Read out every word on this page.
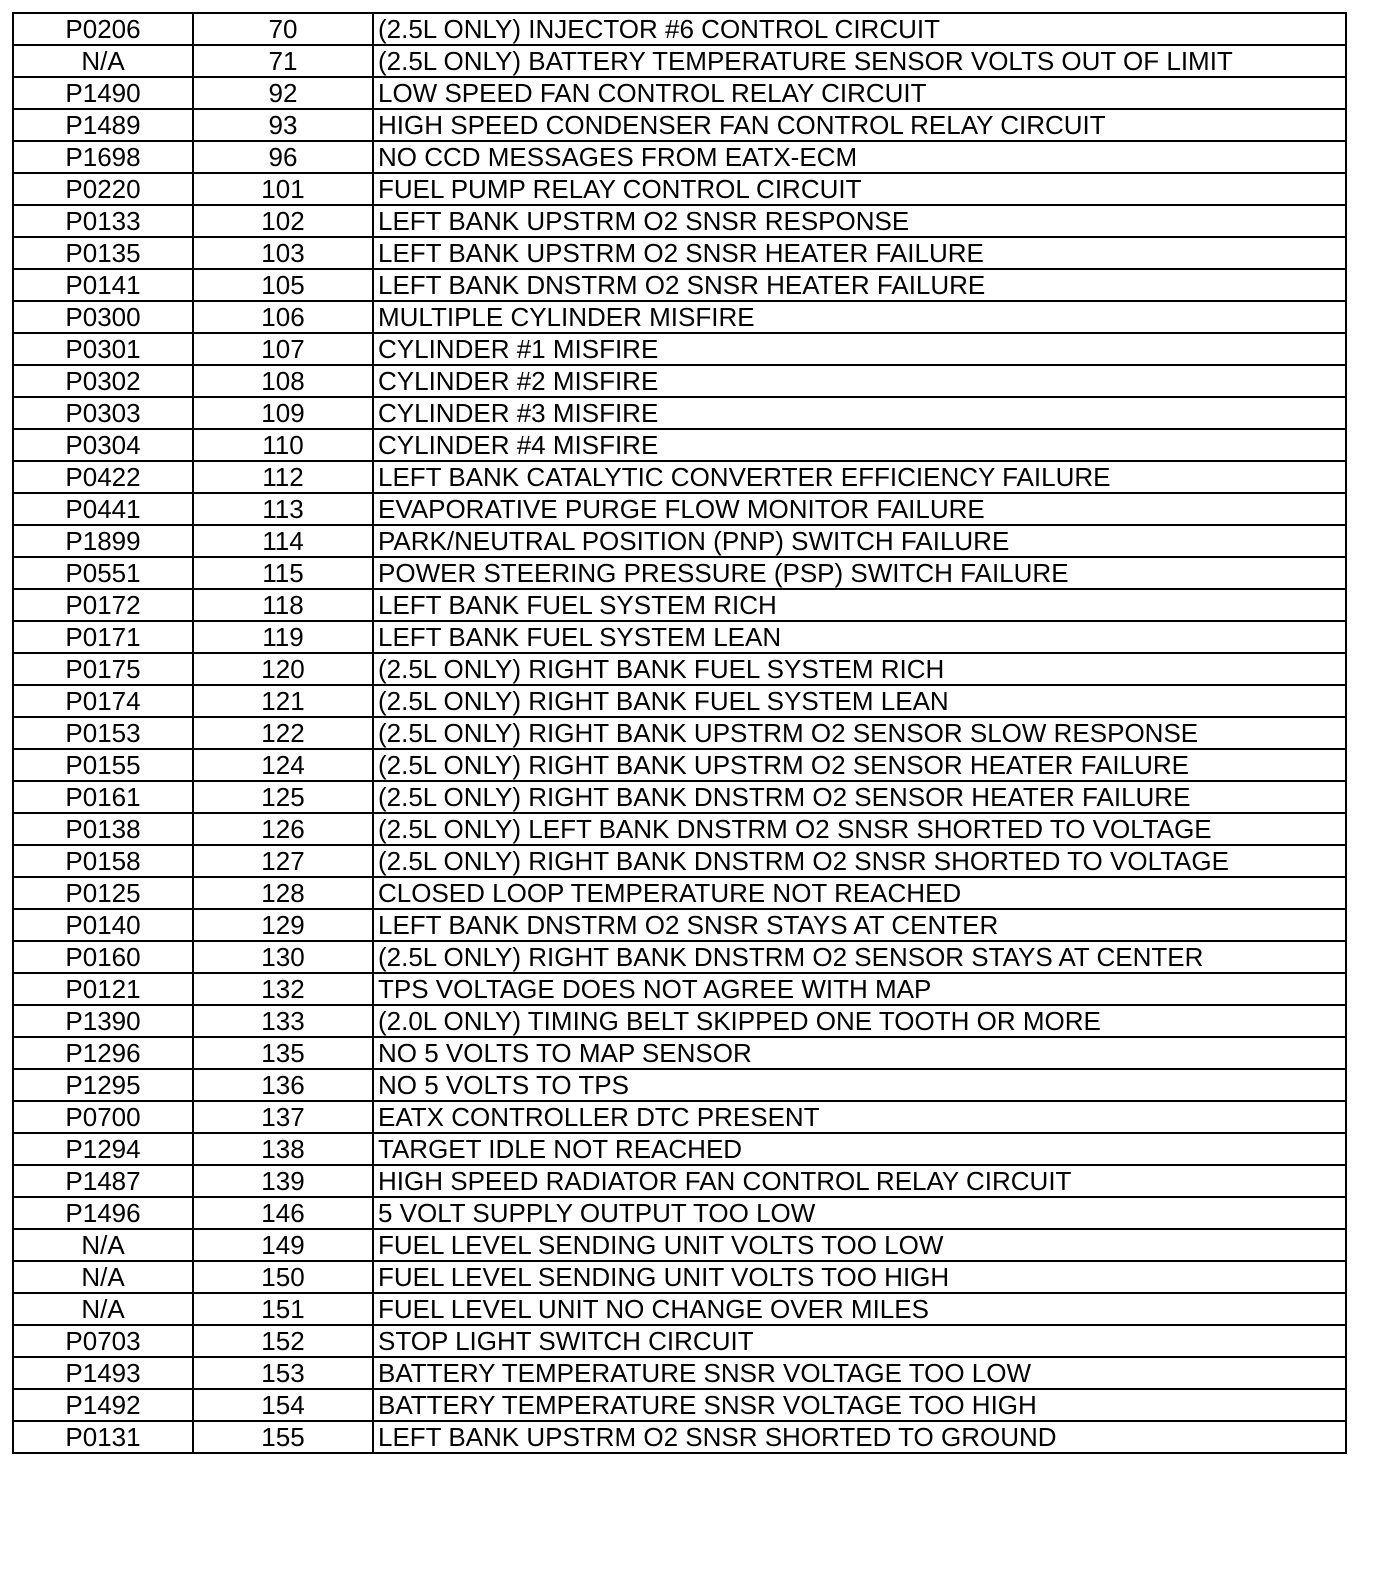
P0206	70	(2.5L ONLY) INJECTOR #6 CONTROL CIRCUIT
N/A	71	(2.5L ONLY) BATTERY TEMPERATURE SENSOR VOLTS OUT OF LIMIT
P1490	92	LOW SPEED FAN CONTROL RELAY CIRCUIT
P1489	93	HIGH SPEED CONDENSER FAN CONTROL RELAY CIRCUIT
P1698	96	NO CCD MESSAGES FROM EATX-ECM
P0220	101	FUEL PUMP RELAY CONTROL CIRCUIT
P0133	102	LEFT BANK UPSTRM O2 SNSR RESPONSE
P0135	103	LEFT BANK UPSTRM O2 SNSR HEATER FAILURE
P0141	105	LEFT BANK DNSTRM O2 SNSR HEATER FAILURE
P0300	106	MULTIPLE CYLINDER MISFIRE
P0301	107	CYLINDER #1 MISFIRE
P0302	108	CYLINDER #2 MISFIRE
P0303	109	CYLINDER #3 MISFIRE
P0304	110	CYLINDER #4 MISFIRE
P0422	112	LEFT BANK CATALYTIC CONVERTER EFFICIENCY FAILURE
P0441	113	EVAPORATIVE PURGE FLOW MONITOR FAILURE
P1899	114	PARK/NEUTRAL POSITION (PNP) SWITCH FAILURE
P0551	115	POWER STEERING PRESSURE (PSP) SWITCH FAILURE
P0172	118	LEFT BANK FUEL SYSTEM RICH
P0171	119	LEFT BANK FUEL SYSTEM LEAN
P0175	120	(2.5L ONLY) RIGHT BANK FUEL SYSTEM RICH
P0174	121	(2.5L ONLY) RIGHT BANK FUEL SYSTEM LEAN
P0153	122	(2.5L ONLY) RIGHT BANK UPSTRM O2 SENSOR SLOW RESPONSE
P0155	124	(2.5L ONLY) RIGHT BANK UPSTRM O2 SENSOR HEATER FAILURE
P0161	125	(2.5L ONLY) RIGHT BANK DNSTRM O2 SENSOR HEATER FAILURE
P0138	126	(2.5L ONLY) LEFT BANK DNSTRM O2 SNSR SHORTED TO VOLTAGE
P0158	127	(2.5L ONLY) RIGHT BANK DNSTRM O2 SNSR SHORTED TO VOLTAGE
P0125	128	CLOSED LOOP TEMPERATURE NOT REACHED
P0140	129	LEFT BANK DNSTRM O2 SNSR STAYS AT CENTER
P0160	130	(2.5L ONLY) RIGHT BANK DNSTRM O2 SENSOR STAYS AT CENTER
P0121	132	TPS VOLTAGE DOES NOT AGREE WITH MAP
P1390	133	(2.0L ONLY) TIMING BELT SKIPPED ONE TOOTH OR MORE
P1296	135	NO 5 VOLTS TO MAP SENSOR
P1295	136	NO 5 VOLTS TO TPS
P0700	137	EATX CONTROLLER DTC PRESENT
P1294	138	TARGET IDLE NOT REACHED
P1487	139	HIGH SPEED RADIATOR FAN CONTROL RELAY CIRCUIT
P1496	146	5 VOLT SUPPLY OUTPUT TOO LOW
N/A	149	FUEL LEVEL SENDING UNIT VOLTS TOO LOW
N/A	150	FUEL LEVEL SENDING UNIT VOLTS TOO HIGH
N/A	151	FUEL LEVEL UNIT NO CHANGE OVER MILES
P0703	152	STOP LIGHT SWITCH CIRCUIT
P1493	153	BATTERY TEMPERATURE SNSR VOLTAGE TOO LOW
P1492	154	BATTERY TEMPERATURE SNSR VOLTAGE TOO HIGH
P0131	155	LEFT BANK UPSTRM O2 SNSR SHORTED TO GROUND
